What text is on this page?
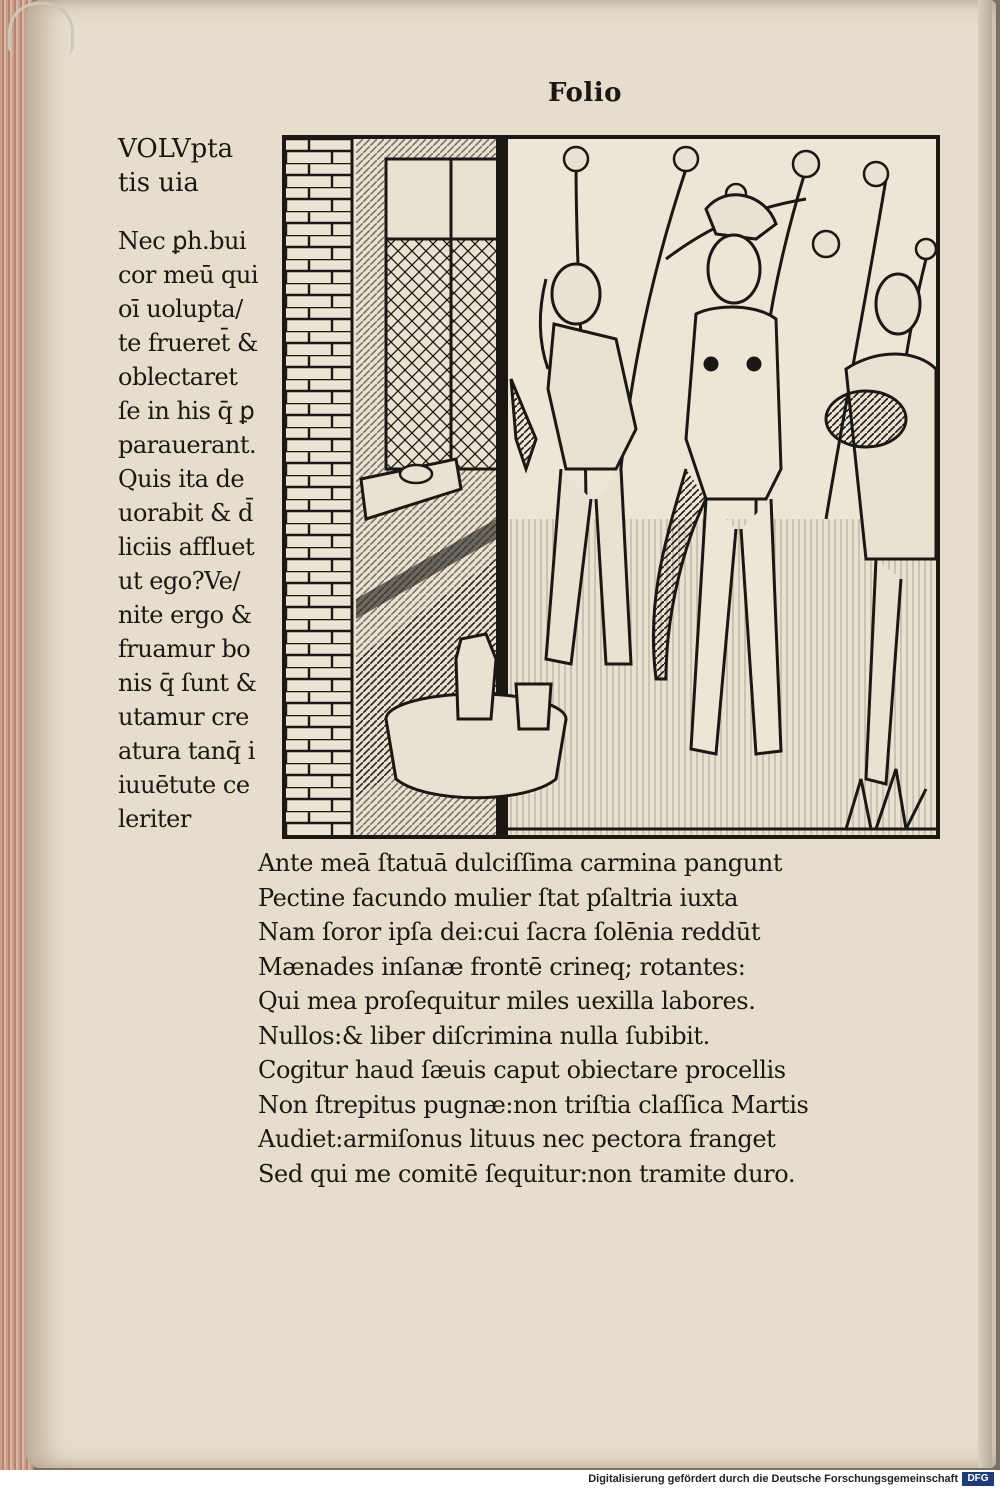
Folio
VOLVpta
tis uia
Nec ꝑh.bui
cor meū qui
oī uolupta/
te frueret̄ &
oblectaret
ſe in his q̄ ꝑ
parauerant.
Quis ita de
uorabit & d̄
liciis affluet
ut ego?Ve/
nite ergo &
fruamur bo
nis q̄ ſunt &
utamur cre
atura tanq̄ i
iuuētute ce
leriter
Ante meā ſtatuā dulciſſima carmina pangunt
Pectine facundo mulier ſtat pſaltria iuxta
Nam ſoror ipſa dei:cui ſacra ſolēnia reddūt
Mænades inſanæ frontē crineq; rotantes:
Qui mea proſequitur miles uexilla labores.
Nullos:& liber diſcrimina nulla ſubibit.
Cogitur haud ſæuis caput obiectare procellis
Non ſtrepitus pugnæ:non triſtia claſſica Martis
Audiet:armiſonus lituus nec pectora franget
Sed qui me comitē ſequitur:non tramite duro.
Digitalisierung gefördert durch die Deutsche Forschungsgemeinschaft DFG
